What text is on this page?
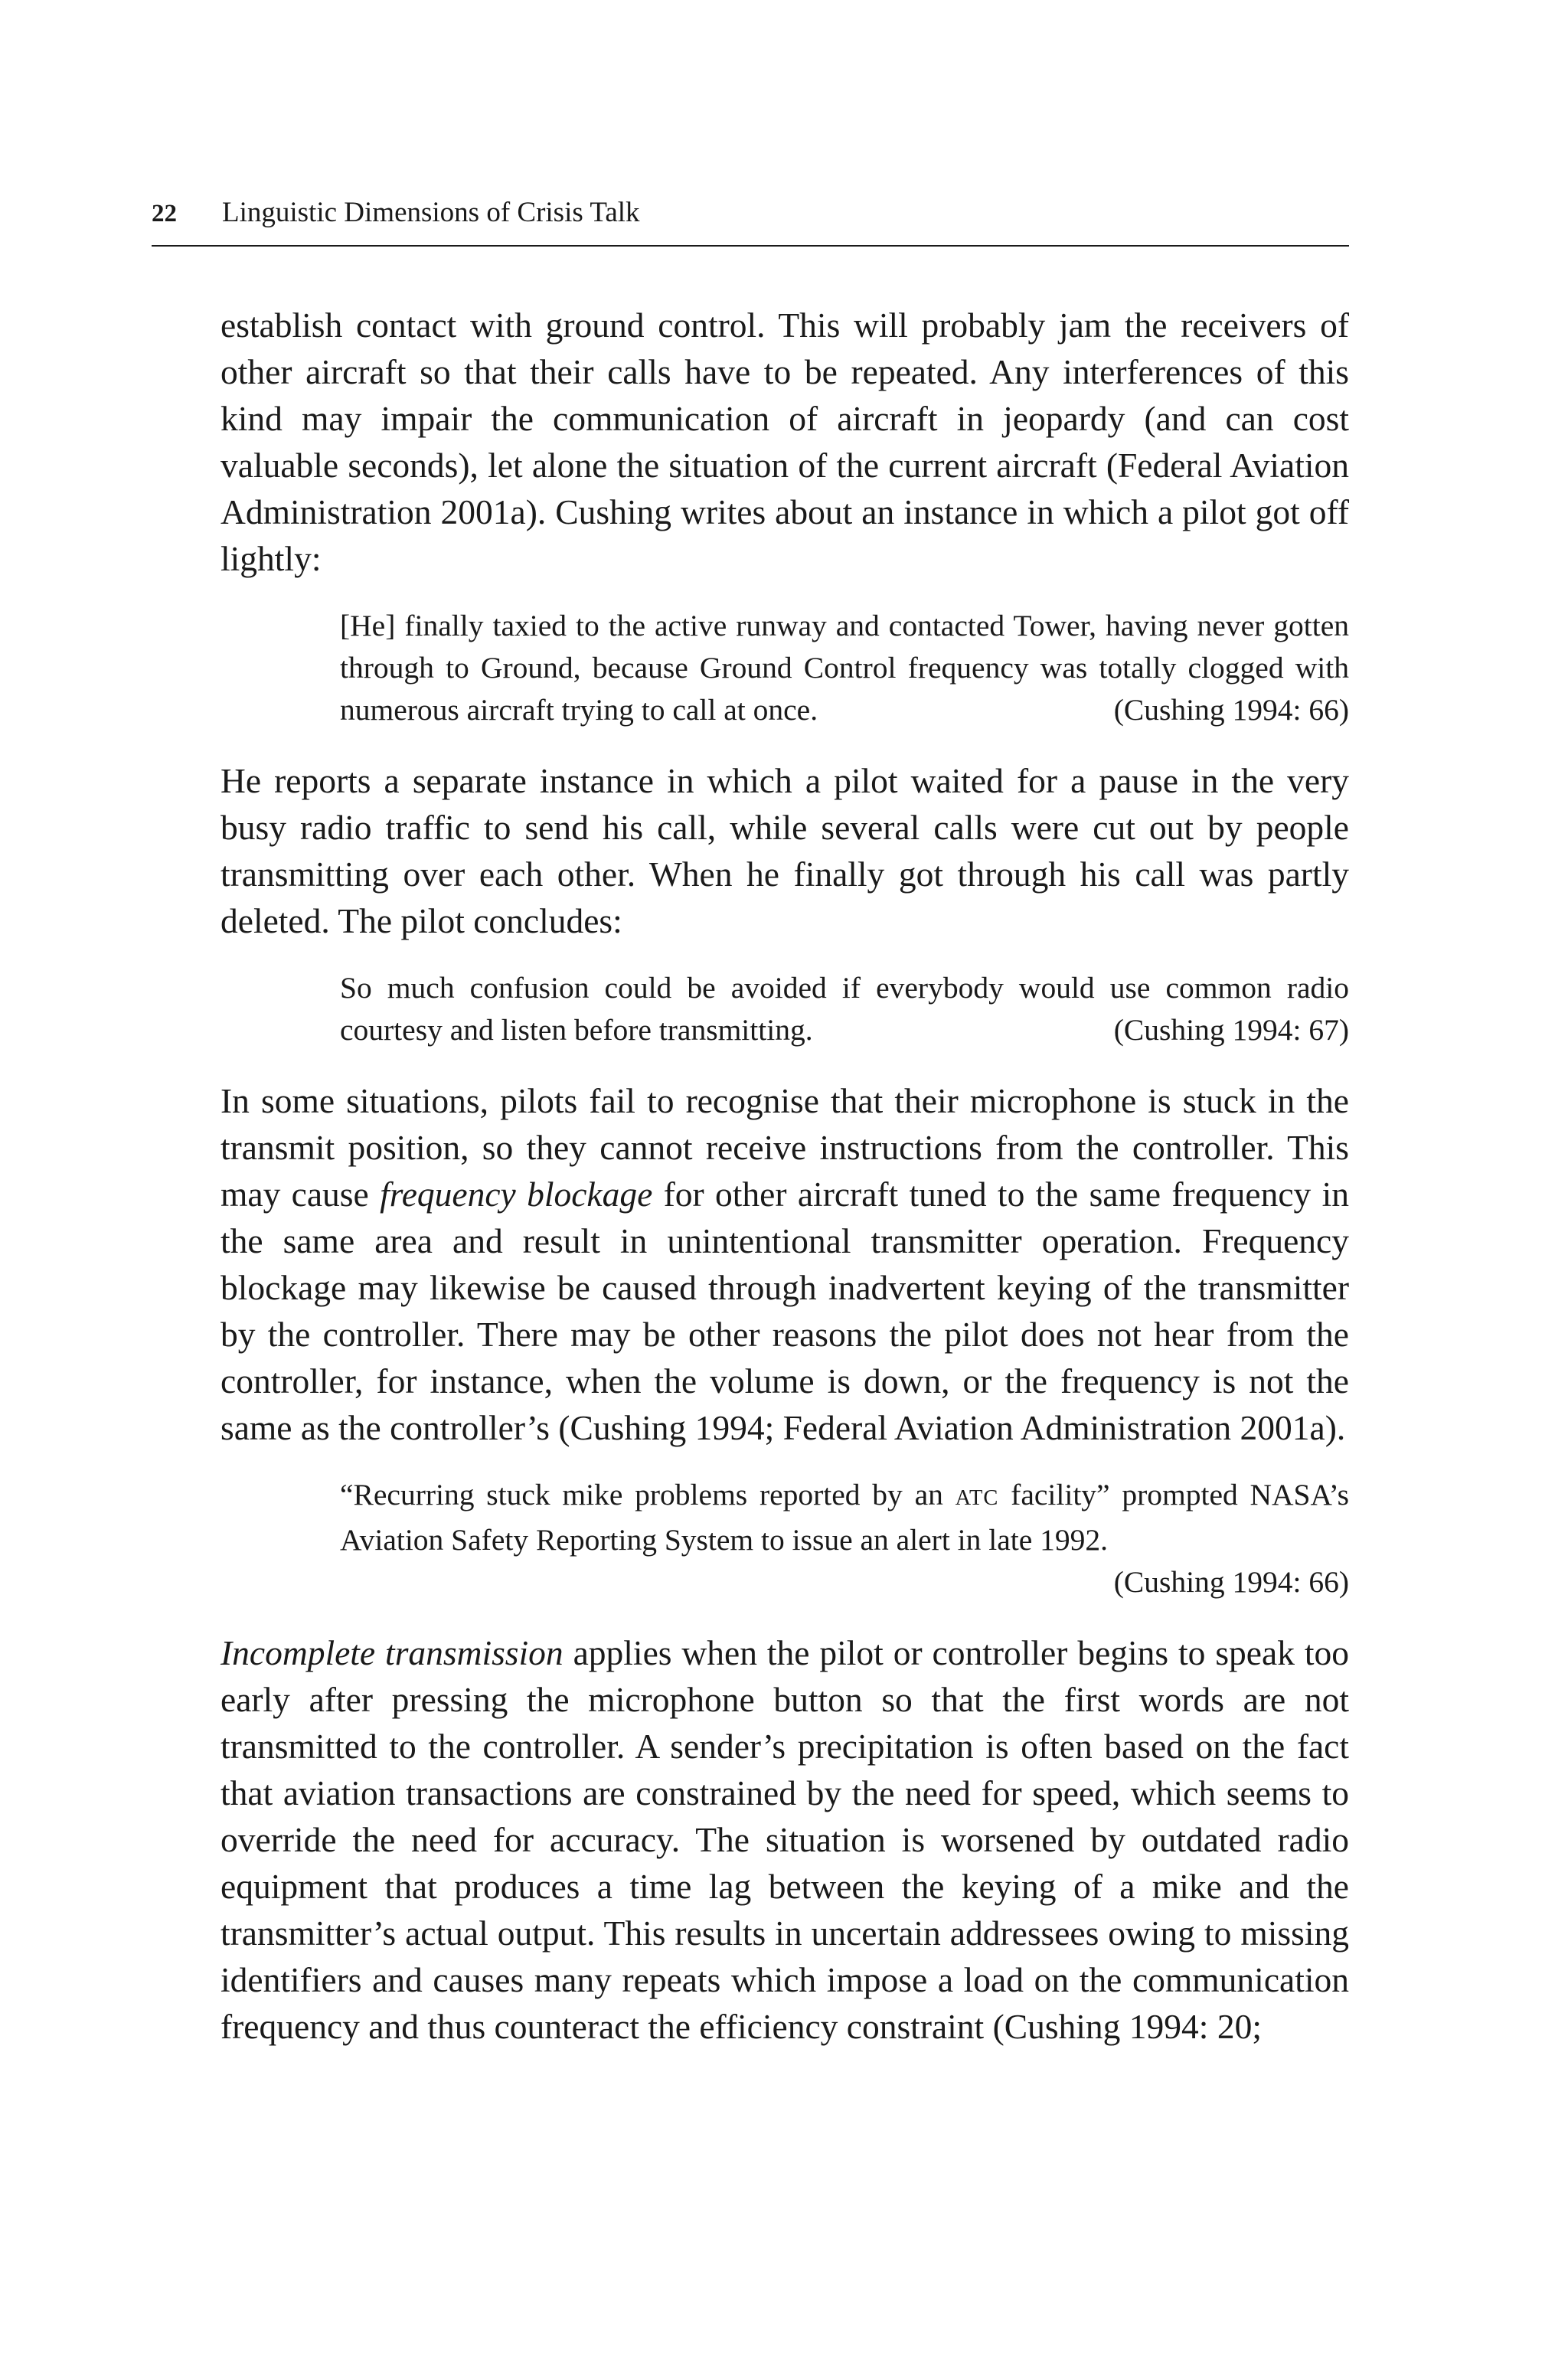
22 Linguistic Dimensions of Crisis Talk

establish contact with ground control. This will probably jam the receivers of other aircraft so that their calls have to be repeated. Any interferences of this kind may impair the communication of aircraft in jeopardy (and can cost valuable seconds), let alone the situation of the current aircraft (Federal Aviation Administration 2001a). Cushing writes about an instance in which a pilot got off lightly:

[He] finally taxied to the active runway and contacted Tower, having never gotten through to Ground, because Ground Control frequency was totally clogged with numerous aircraft trying to call at once.	(Cushing 1994: 66)

He reports a separate instance in which a pilot waited for a pause in the very busy radio traffic to send his call, while several calls were cut out by people transmitting over each other. When he finally got through his call was partly deleted. The pilot concludes:

So much confusion could be avoided if everybody would use common radio courtesy and listen before transmitting.	(Cushing 1994: 67)

In some situations, pilots fail to recognise that their microphone is stuck in the transmit position, so they cannot receive instructions from the controller. This may cause frequency blockage for other aircraft tuned to the same frequency in the same area and result in unintentional transmitter operation. Frequency blockage may likewise be caused through inadvertent keying of the transmitter by the controller. There may be other reasons the pilot does not hear from the controller, for instance, when the volume is down, or the frequency is not the same as the controller’s (Cushing 1994; Federal Aviation Administration 2001a).

“Recurring stuck mike problems reported by an ATC facility” prompted NASA’s Aviation Safety Reporting System to issue an alert in late 1992.
(Cushing 1994: 66)

Incomplete transmission applies when the pilot or controller begins to speak too early after pressing the microphone button so that the first words are not transmitted to the controller. A sender’s precipitation is often based on the fact that aviation transactions are constrained by the need for speed, which seems to override the need for accuracy. The situation is worsened by outdated radio equipment that produces a time lag between the keying of a mike and the transmitter’s actual output. This results in uncertain addressees owing to missing identifiers and causes many repeats which impose a load on the communication frequency and thus counteract the efficiency constraint (Cushing 1994: 20;
